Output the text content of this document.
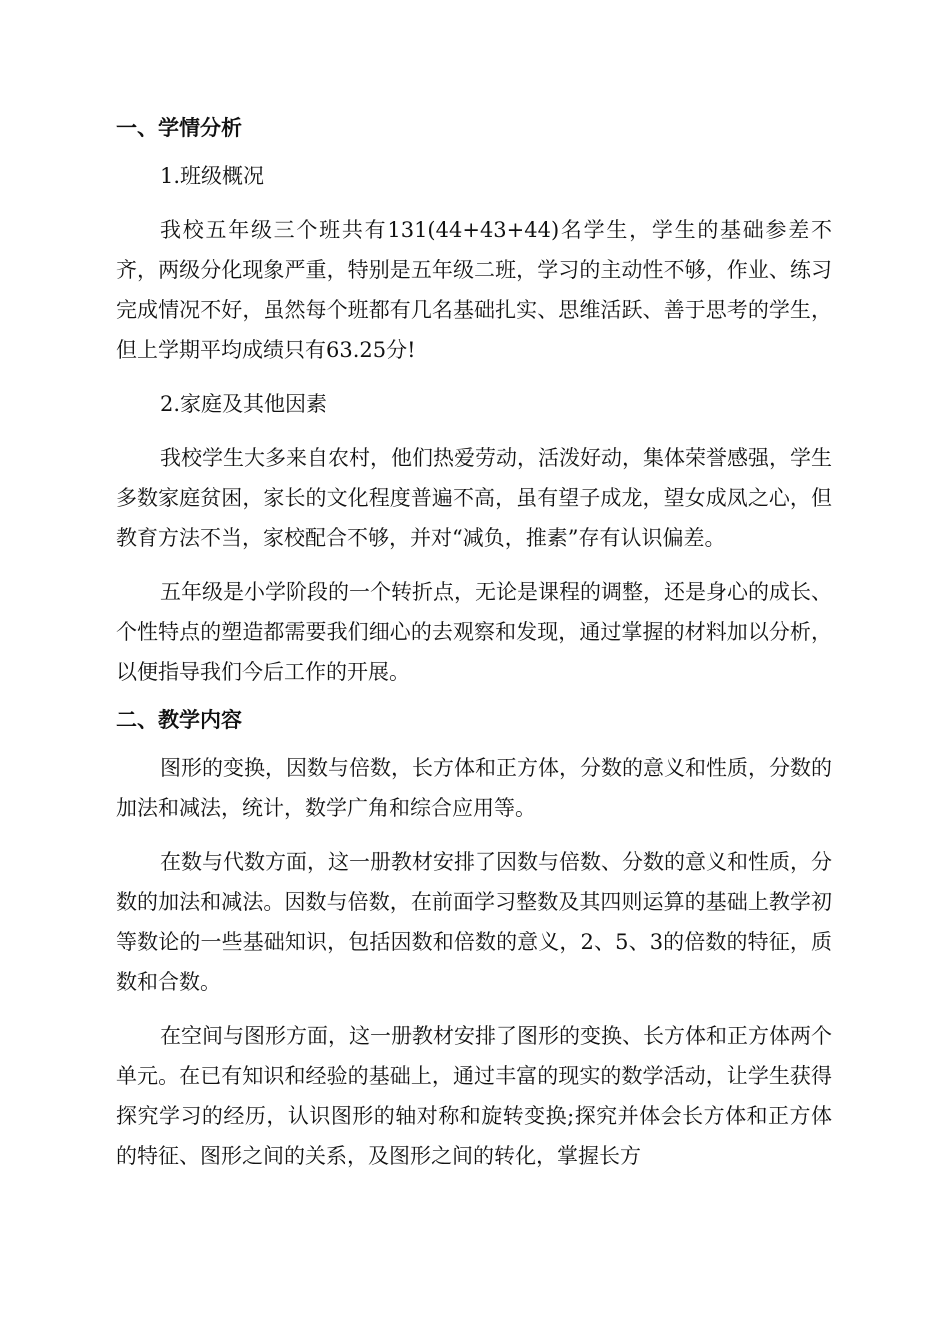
一、学情分析

1.班级概况

我校五年级三个班共有131(44+43+44)名学生，学生的基础参差不齐，两级分化现象严重，特别是五年级二班，学习的主动性不够，作业、练习完成情况不好，虽然每个班都有几名基础扎实、思维活跃、善于思考的学生，但上学期平均成绩只有63.25分!

2.家庭及其他因素

我校学生大多来自农村，他们热爱劳动，活泼好动，集体荣誉感强，学生多数家庭贫困，家长的文化程度普遍不高，虽有望子成龙，望女成凤之心，但教育方法不当，家校配合不够，并对“减负，推素”存有认识偏差。

五年级是小学阶段的一个转折点，无论是课程的调整，还是身心的成长、个性特点的塑造都需要我们细心的去观察和发现，通过掌握的材料加以分析，以便指导我们今后工作的开展。

二、教学内容

图形的变换，因数与倍数，长方体和正方体，分数的意义和性质，分数的加法和减法，统计，数学广角和综合应用等。

在数与代数方面，这一册教材安排了因数与倍数、分数的意义和性质，分数的加法和减法。因数与倍数，在前面学习整数及其四则运算的基础上教学初等数论的一些基础知识，包括因数和倍数的意义，2、5、3的倍数的特征，质数和合数。

在空间与图形方面，这一册教材安排了图形的变换、长方体和正方体两个单元。在已有知识和经验的基础上，通过丰富的现实的数学活动，让学生获得探究学习的经历，认识图形的轴对称和旋转变换;探究并体会长方体和正方体的特征、图形之间的关系，及图形之间的转化，掌握长方
